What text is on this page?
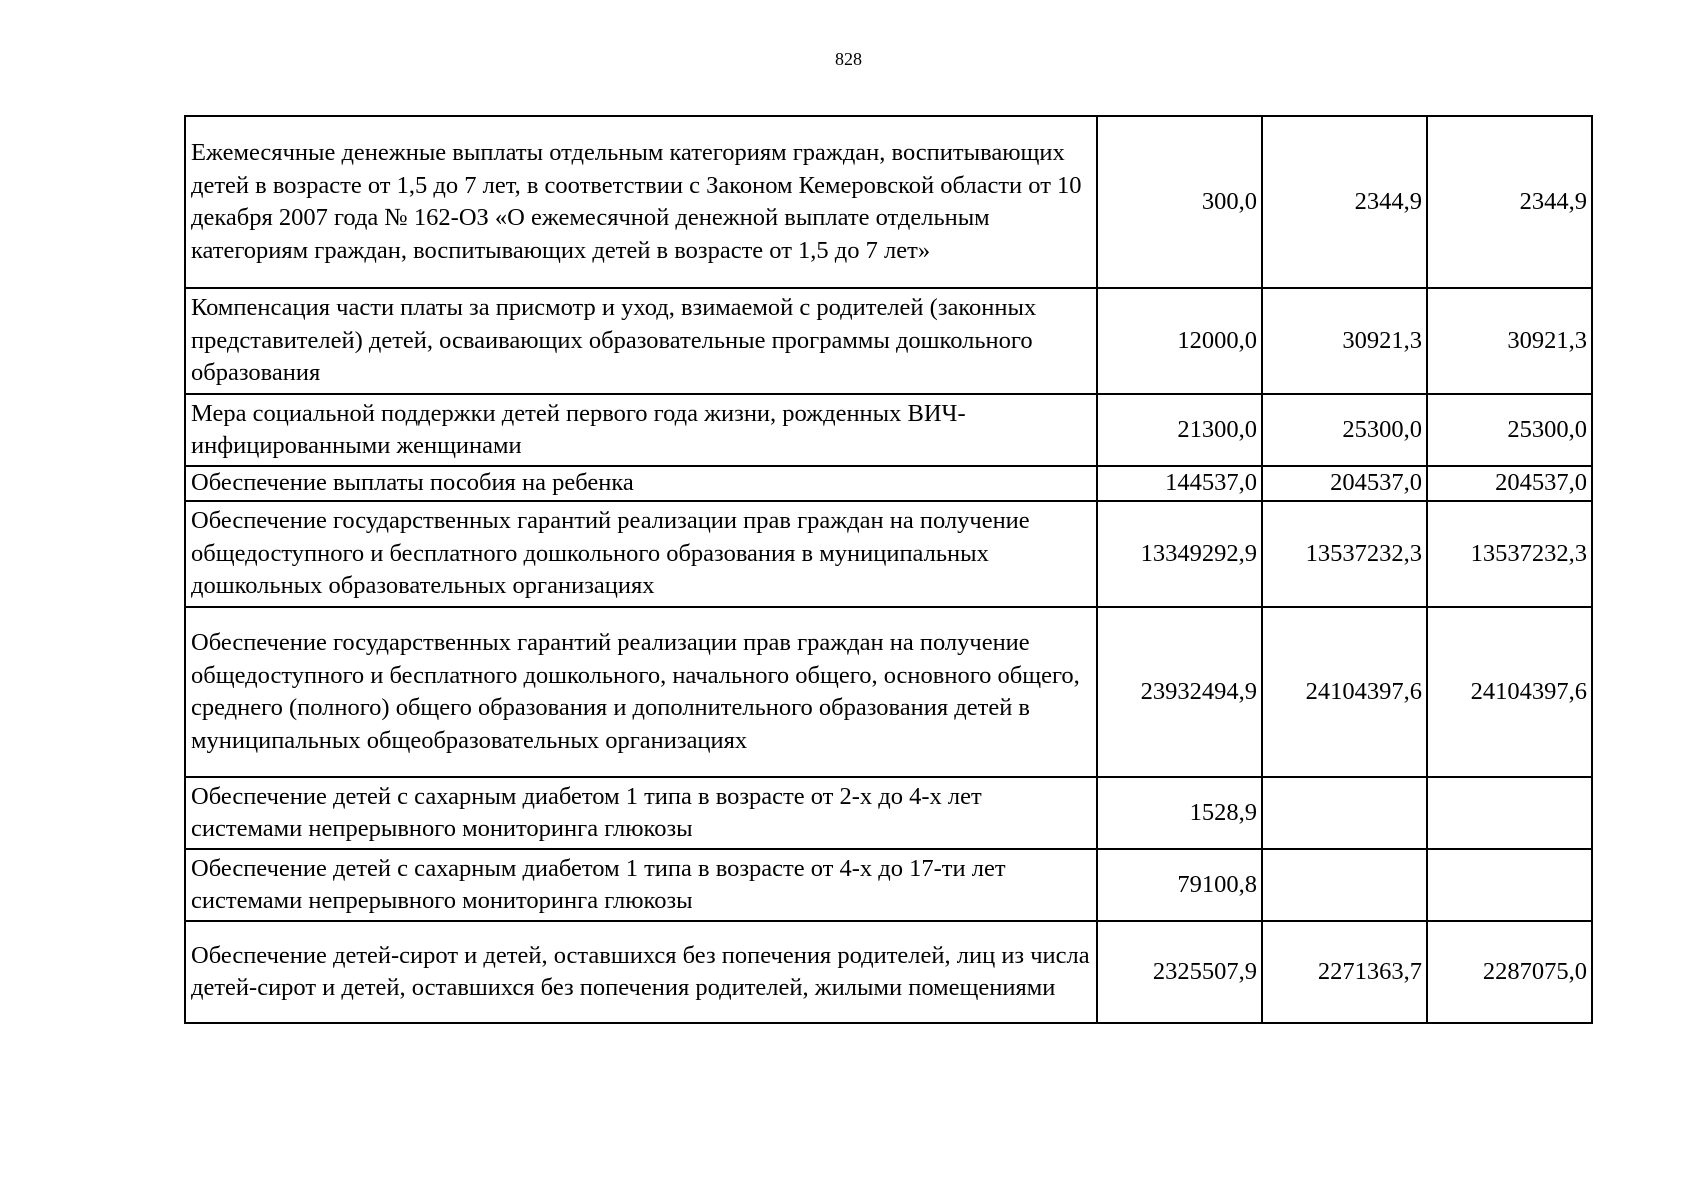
828
Ежемесячные денежные выплаты отдельным категориям граждан, воспитывающих детей в возрасте от 1,5 до 7 лет, в соответствии с Законом Кемеровской области от 10 декабря 2007 года № 162-ОЗ «О ежемесячной денежной выплате отдельным категориям граждан, воспитывающих детей в возрасте от 1,5 до 7 лет»	300,0	2344,9	2344,9
Компенсация части платы за присмотр и уход, взимаемой с родителей (законных представителей) детей, осваивающих образовательные программы дошкольного образования	12000,0	30921,3	30921,3
Мера социальной поддержки детей первого года жизни, рожденных ВИЧ-инфицированными женщинами	21300,0	25300,0	25300,0
Обеспечение выплаты пособия на ребенка	144537,0	204537,0	204537,0
Обеспечение государственных гарантий реализации прав граждан на получение общедоступного и бесплатного дошкольного образования в муниципальных дошкольных образовательных организациях	13349292,9	13537232,3	13537232,3
Обеспечение государственных гарантий реализации прав граждан на получение общедоступного и бесплатного дошкольного, начального общего, основного общего, среднего (полного) общего образования и дополнительного образования детей в муниципальных общеобразовательных организациях	23932494,9	24104397,6	24104397,6
Обеспечение детей с сахарным диабетом 1 типа в возрасте от 2-х до 4-х лет системами непрерывного мониторинга глюкозы	1528,9		
Обеспечение детей с сахарным диабетом 1 типа в возрасте от 4-х до 17-ти лет системами непрерывного мониторинга глюкозы	79100,8		
Обеспечение детей-сирот и детей, оставшихся без попечения родителей, лиц из числа детей-сирот и детей, оставшихся без попечения родителей, жилыми помещениями	2325507,9	2271363,7	2287075,0
